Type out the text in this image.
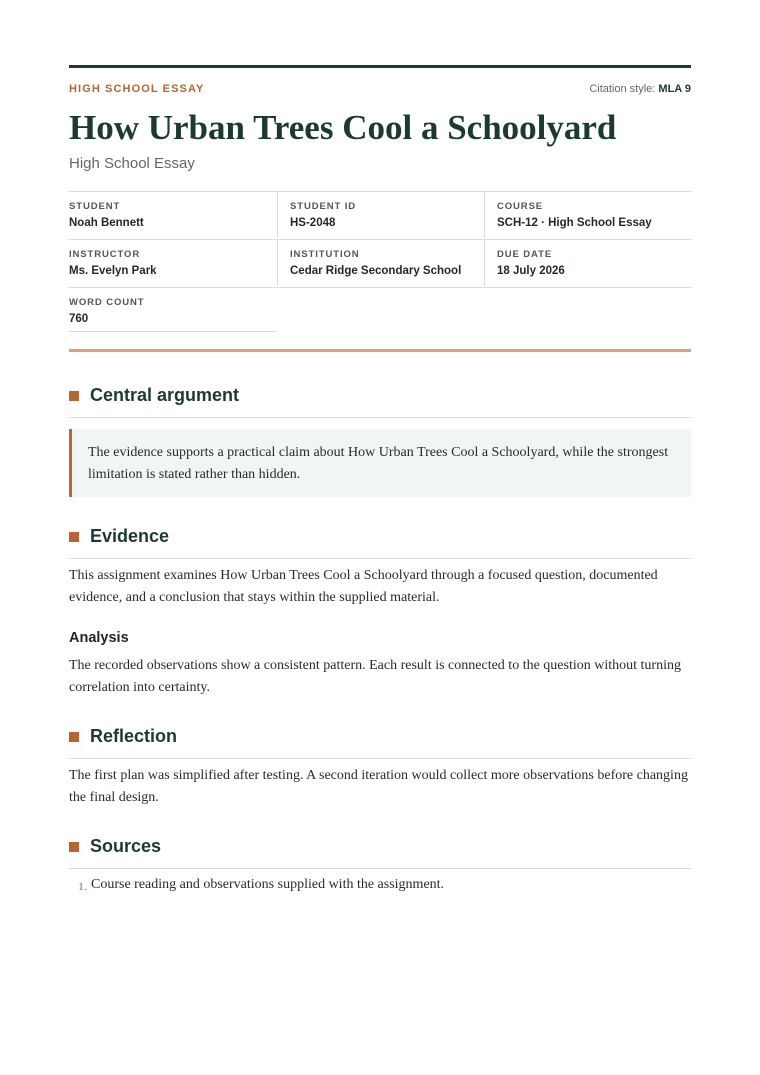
HIGH SCHOOL ESSAY	Citation style: MLA 9
How Urban Trees Cool a Schoolyard
High School Essay
STUDENT
Noah Bennett
STUDENT ID
HS-2048
COURSE
SCH-12 · High School Essay
INSTRUCTOR
Ms. Evelyn Park
INSTITUTION
Cedar Ridge Secondary School
DUE DATE
18 July 2026
WORD COUNT
760
Central argument

The evidence supports a practical claim about How Urban Trees Cool a Schoolyard, while the strongest limitation is stated rather than hidden.

Evidence

This assignment examines How Urban Trees Cool a Schoolyard through a focused question, documented evidence, and a conclusion that stays within the supplied material.

Analysis

The recorded observations show a consistent pattern. Each result is connected to the question without turning correlation into certainty.

Reflection

The first plan was simplified after testing. A second iteration would collect more observations before changing the final design.

Sources
1. Course reading and observations supplied with the assignment.
